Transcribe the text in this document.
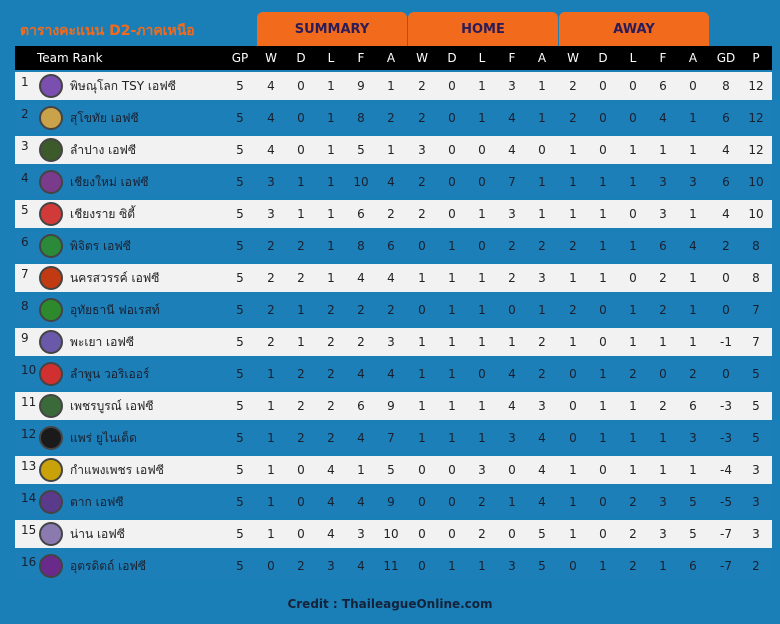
ตารางคะแนน D2-ภาคเหนือ	SUMMARY	HOME	AWAY
Team Rank	GP	W	D	L	F	A	W	D	L	F	A	W	D	L	F	A	GD	P
1	พิษณุโลก TSY เอฟซี	5	4	0	1	9	1	2	0	1	3	1	2	0	0	6	0	8	12
2	สุโขทัย เอฟซี	5	4	0	1	8	2	2	0	1	4	1	2	0	0	4	1	6	12
3	ลำปาง เอฟซี	5	4	0	1	5	1	3	0	0	4	0	1	0	1	1	1	4	12
4	เชียงใหม่ เอฟซี	5	3	1	1	10	4	2	0	0	7	1	1	1	1	3	3	6	10
5	เชียงราย ซิตี้	5	3	1	1	6	2	2	0	1	3	1	1	1	0	3	1	4	10
6	พิจิตร เอฟซี	5	2	2	1	8	6	0	1	0	2	2	2	1	1	6	4	2	8
7	นครสวรรค์ เอฟซี	5	2	2	1	4	4	1	1	1	2	3	1	1	0	2	1	0	8
8	อุทัยธานี ฟอเรสท์	5	2	1	2	2	2	0	1	1	0	1	2	0	1	2	1	0	7
9	พะเยา เอฟซี	5	2	1	2	2	3	1	1	1	1	2	1	0	1	1	1	-1	7
10	ลำพูน วอริเออร์	5	1	2	2	4	4	1	1	0	4	2	0	1	2	0	2	0	5
11	เพชรบูรณ์ เอฟซี	5	1	2	2	6	9	1	1	1	4	3	0	1	1	2	6	-3	5
12	แพร่ ยูไนเต็ด	5	1	2	2	4	7	1	1	1	3	4	0	1	1	1	3	-3	5
13	กำแพงเพชร เอฟซี	5	1	0	4	1	5	0	0	3	0	4	1	0	1	1	1	-4	3
14	ตาก เอฟซี	5	1	0	4	4	9	0	0	2	1	4	1	0	2	3	5	-5	3
15	น่าน เอฟซี	5	1	0	4	3	10	0	0	2	0	5	1	0	2	3	5	-7	3
16	อุตรดิตถ์ เอฟซี	5	0	2	3	4	11	0	1	1	3	5	0	1	2	1	6	-7	2
Credit : ThaileagueOnline.com
